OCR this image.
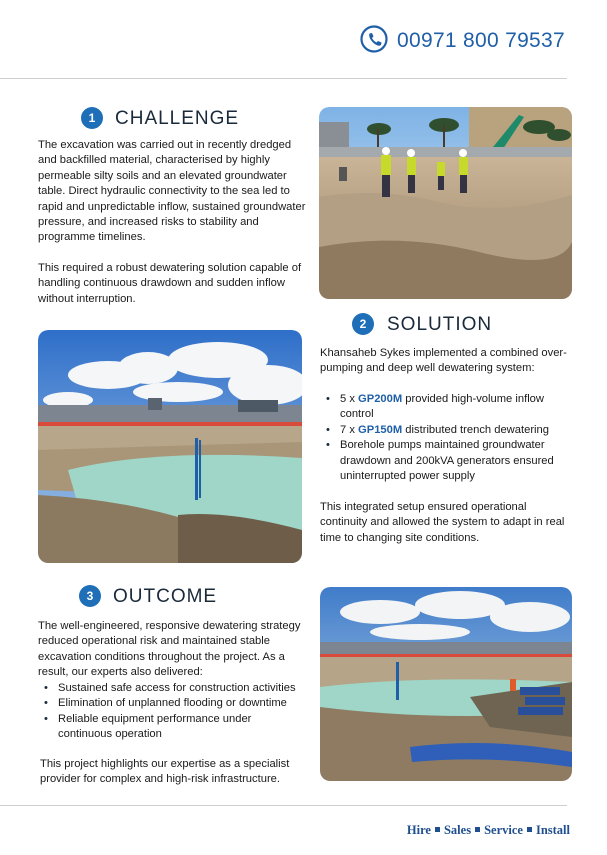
00971 800 79537
1	CHALLENGE

The excavation was carried out in recently dredged and backfilled material, characterised by highly permeable silty soils and an elevated groundwater table. Direct hydraulic connectivity to the sea led to rapid and unpredictable inflow, sustained groundwater pressure, and increased risks to stability and programme timelines.

This required a robust dewatering solution capable of handling continuous drawdown and sudden inflow without interruption.

2	SOLUTION
Khansaheb Sykes implemented a combined over-pumping and deep well dewatering system:
• 5 x GP200M provided high-volume inflow control
• 7 x GP150M distributed trench dewatering
• Borehole pumps maintained groundwater drawdown and 200kVA generators ensured uninterrupted power supply
This integrated setup ensured operational continuity and allowed the system to adapt in real time to changing site conditions.
3	OUTCOME
The well-engineered, responsive dewatering strategy reduced operational risk and maintained stable excavation conditions throughout the project. As a result, our experts also delivered:
• Sustained safe access for construction activities
• Elimination of unplanned flooding or downtime
• Reliable equipment performance under continuous operation
This project highlights our expertise as a specialist provider for complex and high-risk infrastructure.
Hire Sales Service Install
